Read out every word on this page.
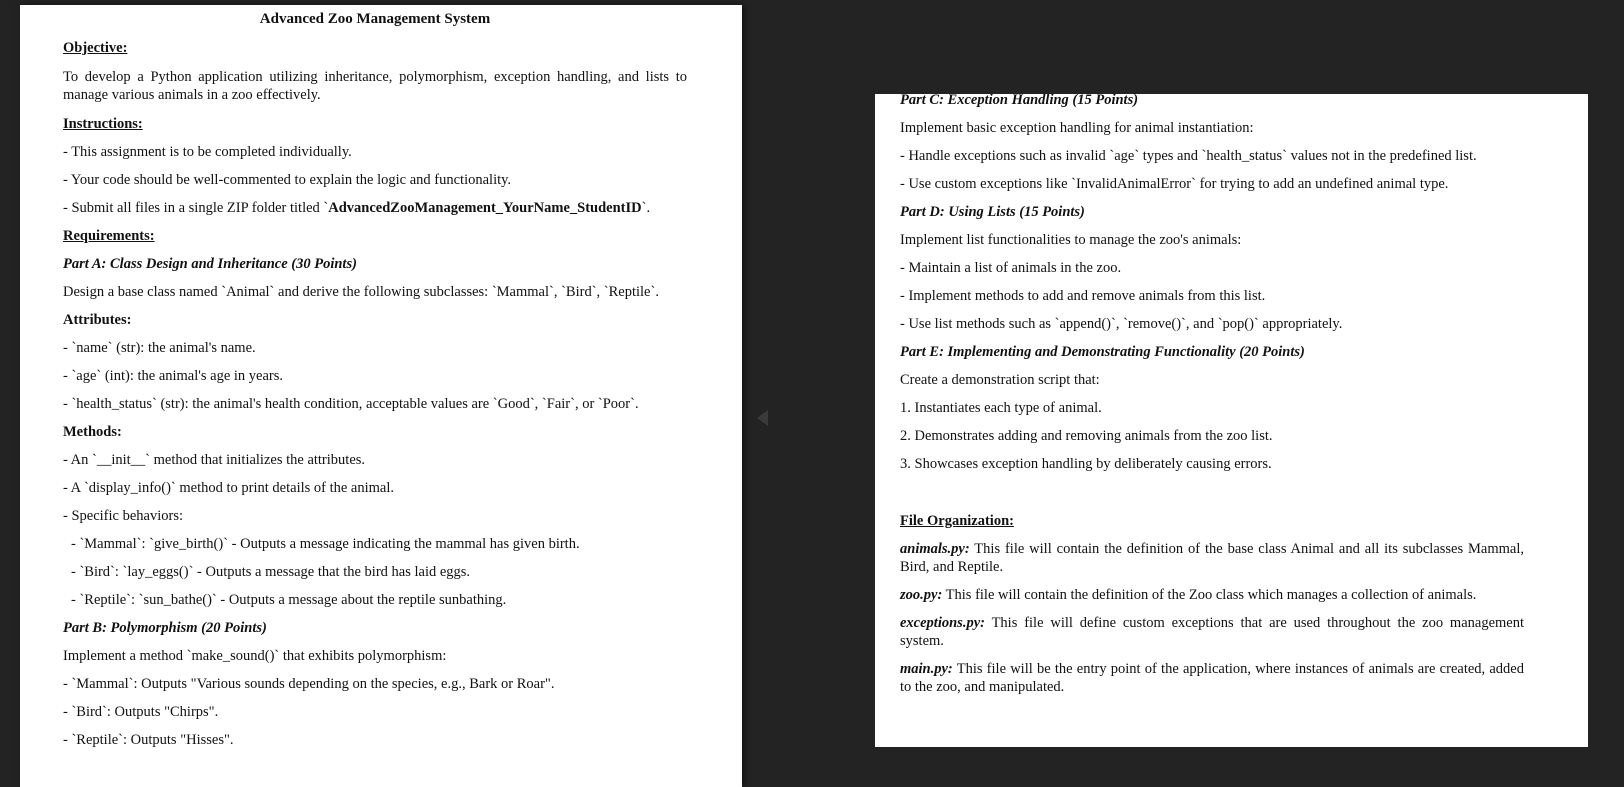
Advanced Zoo Management System
Objective:
To develop a Python application utilizing inheritance, polymorphism, exception handling, and lists to manage various animals in a zoo effectively.
Instructions:
- This assignment is to be completed individually.
- Your code should be well-commented to explain the logic and functionality.
- Submit all files in a single ZIP folder titled `AdvancedZooManagement_YourName_StudentID`.
Requirements:
Part A: Class Design and Inheritance (30 Points)
Design a base class named `Animal` and derive the following subclasses: `Mammal`, `Bird`, `Reptile`.
Attributes:
- `name` (str): the animal's name.
- `age` (int): the animal's age in years.
- `health_status` (str): the animal's health condition, acceptable values are `Good`, `Fair`, or `Poor`.
Methods:
- An `__init__` method that initializes the attributes.
- A `display_info()` method to print details of the animal.
- Specific behaviors:
- `Mammal`: `give_birth()` - Outputs a message indicating the mammal has given birth.
- `Bird`: `lay_eggs()` - Outputs a message that the bird has laid eggs.
- `Reptile`: `sun_bathe()` - Outputs a message about the reptile sunbathing.
Part B: Polymorphism (20 Points)
Implement a method `make_sound()` that exhibits polymorphism:
- `Mammal`: Outputs "Various sounds depending on the species, e.g., Bark or Roar".
- `Bird`: Outputs "Chirps".
- `Reptile`: Outputs "Hisses".
Part C: Exception Handling (15 Points)
Implement basic exception handling for animal instantiation:
- Handle exceptions such as invalid `age` types and `health_status` values not in the predefined list.
- Use custom exceptions like `InvalidAnimalError` for trying to add an undefined animal type.
Part D: Using Lists (15 Points)
Implement list functionalities to manage the zoo's animals:
- Maintain a list of animals in the zoo.
- Implement methods to add and remove animals from this list.
- Use list methods such as `append()`, `remove()`, and `pop()` appropriately.
Part E: Implementing and Demonstrating Functionality (20 Points)
Create a demonstration script that:
1. Instantiates each type of animal.
2. Demonstrates adding and removing animals from the zoo list.
3. Showcases exception handling by deliberately causing errors.
File Organization:
animals.py: This file will contain the definition of the base class Animal and all its subclasses Mammal, Bird, and Reptile.
zoo.py: This file will contain the definition of the Zoo class which manages a collection of animals.
exceptions.py: This file will define custom exceptions that are used throughout the zoo management system.
main.py: This file will be the entry point of the application, where instances of animals are created, added to the zoo, and manipulated.
